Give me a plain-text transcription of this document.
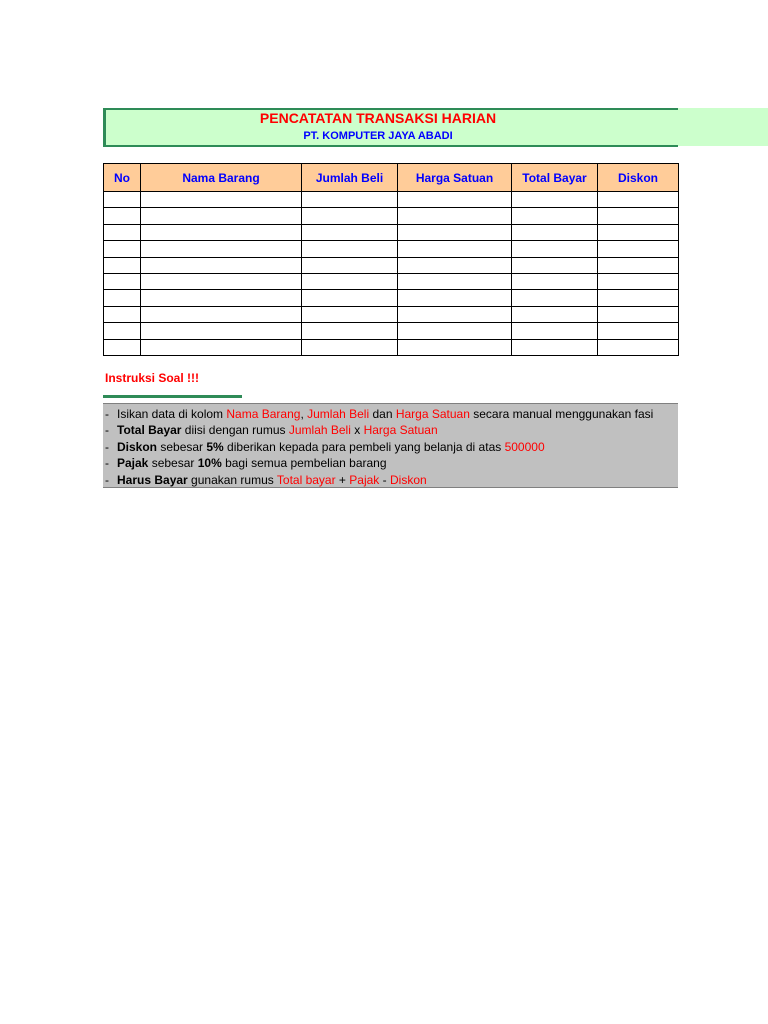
PENCATATAN TRANSAKSI HARIAN
PT. KOMPUTER JAYA ABADI
No	Nama Barang	Jumlah Beli	Harga Satuan	Total Bayar	Diskon

Instruksi Soal !!!
- Isikan data di kolom Nama Barang, Jumlah Beli dan Harga Satuan secara manual menggunakan fasi
- Total Bayar diisi dengan rumus Jumlah Beli x Harga Satuan
- Diskon sebesar 5% diberikan kepada para pembeli yang belanja di atas 500000
- Pajak sebesar 10% bagi semua pembelian barang
- Harus Bayar gunakan rumus Total bayar + Pajak - Diskon
